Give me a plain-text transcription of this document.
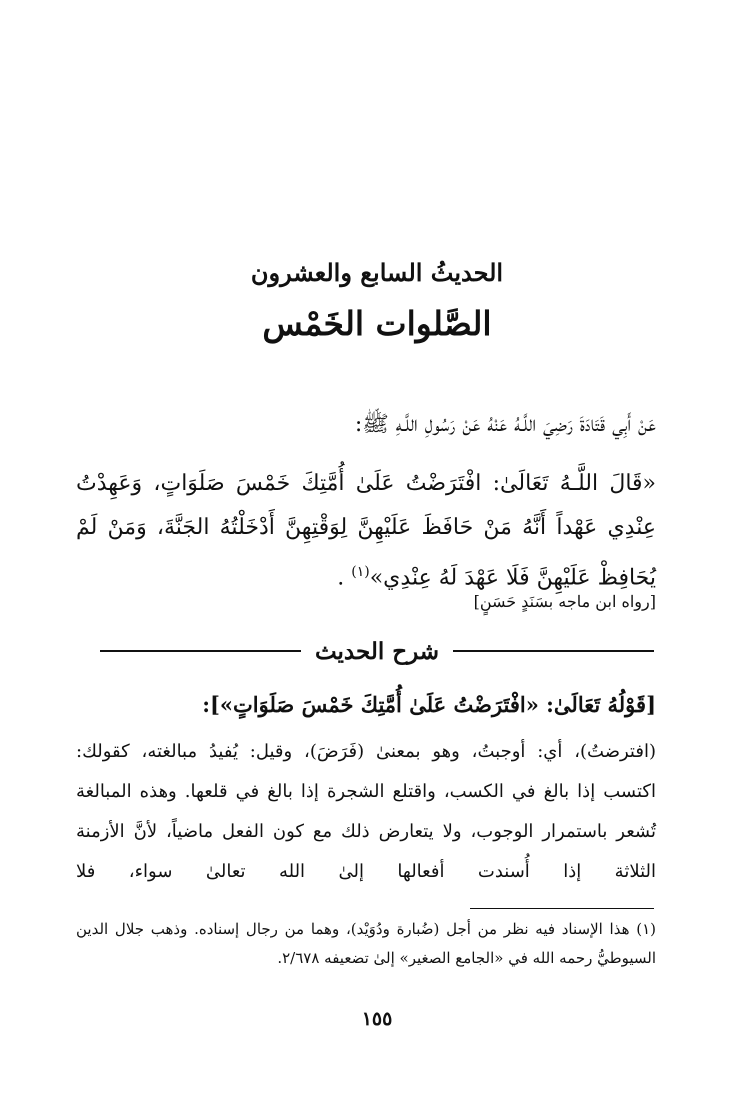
الحديثُ السابع والعشرون
الصَّلوات الخَمْس
عَنْ أَبِي قَتَادَةَ رَضِيَ اللَّـهُ عَنْهُ عَنْ رَسُولِ اللَّـهِ ﷺ:
«قَالَ اللَّـهُ تَعَالَىٰ: افْتَرَضْتُ عَلَىٰ أُمَّتِكَ خَمْسَ صَلَوَاتٍ، وَعَهِدْتُ عِنْدِي عَهْداً أَنَّهُ مَنْ حَافَظَ عَلَيْهِنَّ لِوَقْتِهِنَّ أَدْخَلْتُهُ الجَنَّةَ، وَمَنْ لَمْ يُحَافِظْ عَلَيْهِنَّ فَلَا عَهْدَ لَهُ عِنْدِي»$^{(١)}$ .
[رواه ابن ماجه بسَنَدٍ حَسَنٍ]
شرح الحديث
[قَوْلُهُ تَعَالَىٰ: «افْتَرَضْتُ عَلَىٰ أُمَّتِكَ خَمْسَ صَلَوَاتٍ»]:
(افترضتُ)، أي: أوجبتُ، وهو بمعنىٰ (فَرَضَ)، وقيل: يُفيدُ مبالغته، كقولك: اكتسب إذا بالغ في الكسب، واقتلع الشجرة إذا بالغ في قلعها. وهذه المبالغة تُشعر باستمرار الوجوب، ولا يتعارض ذلك مع كون الفعل ماضياً، لأنَّ الأزمنة الثلاثة إذا أُسندت أفعالها إلىٰ الله تعالىٰ سواء، فلا
(١) هذا الإسناد فيه نظر من أجل (ضُبارة ودُوَيْد)، وهما من رجال إسناده. وذهب جلال الدين السيوطيُّ رحمه الله في «الجامع الصغير» إلىٰ تضعيفه ٢/٦٧٨.
١٥٥
